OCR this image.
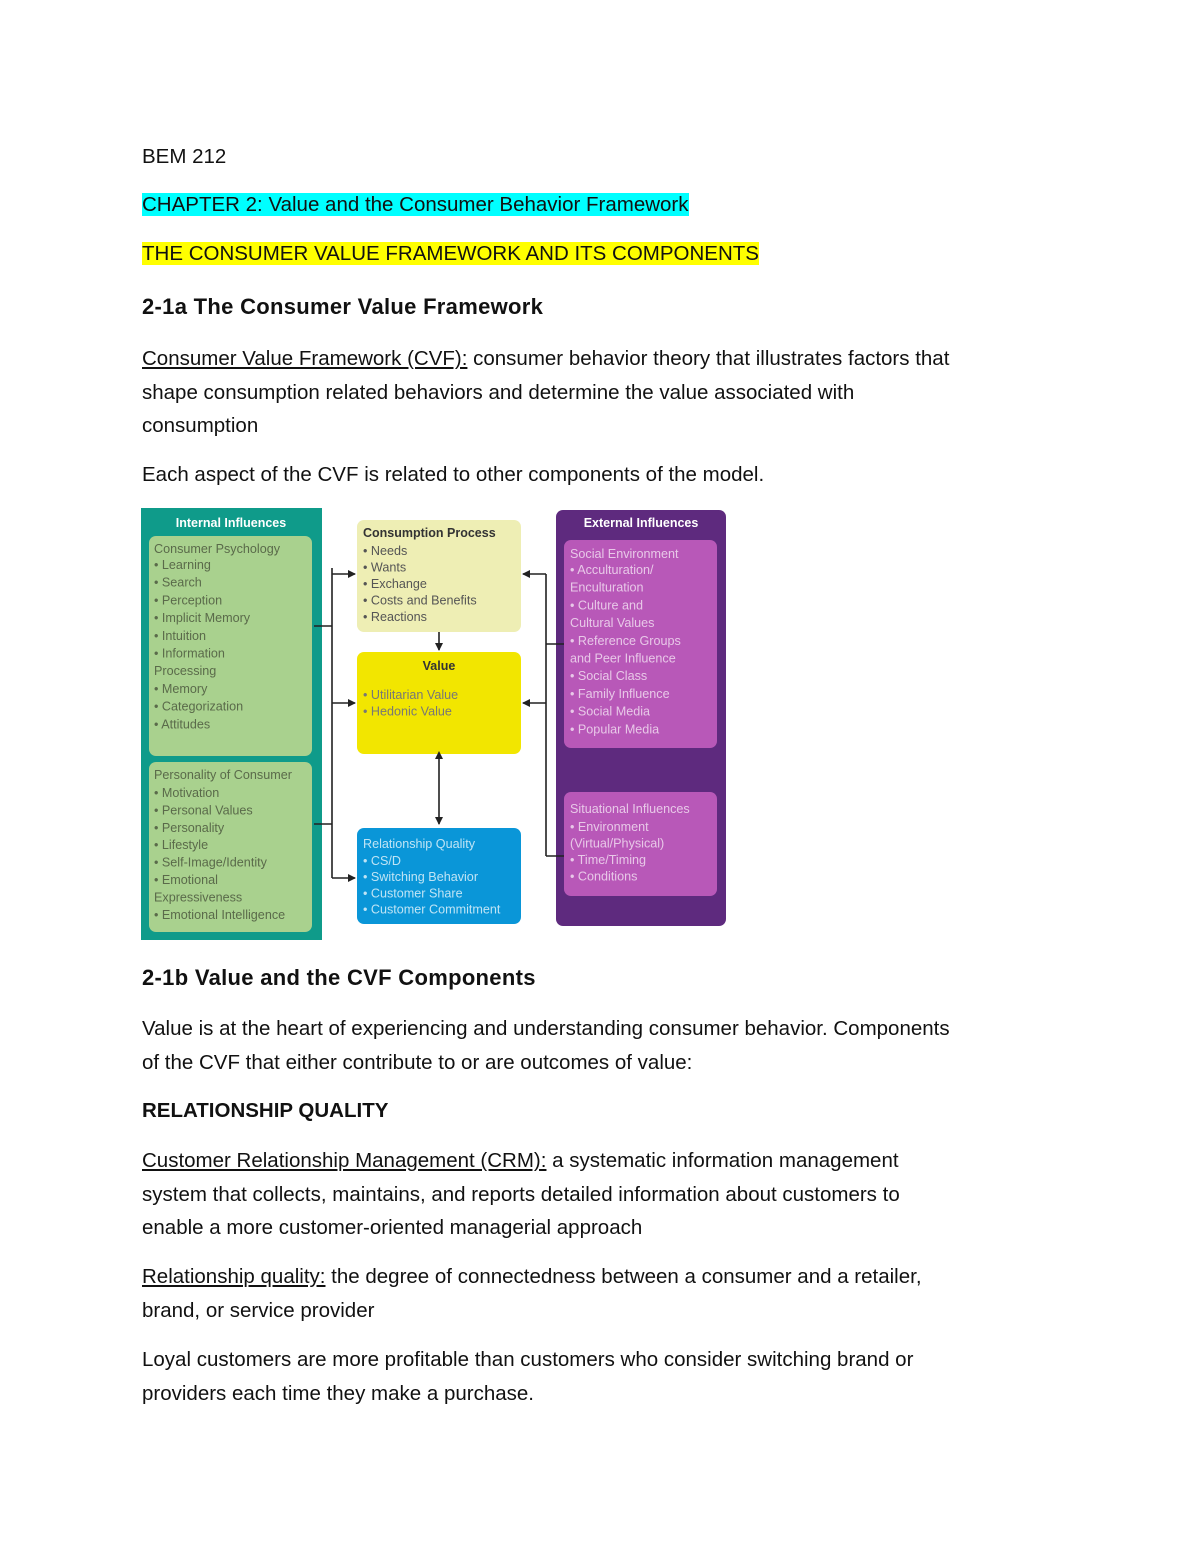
BEM 212
CHAPTER 2: Value and the Consumer Behavior Framework
THE CONSUMER VALUE FRAMEWORK AND ITS COMPONENTS
2-1a The Consumer Value Framework
Consumer Value Framework (CVF): consumer behavior theory that illustrates factors that
shape consumption related behaviors and determine the value associated with
consumption
Each aspect of the CVF is related to other components of the model.
Internal Influences
Consumer Psychology
• Learning
• Search
• Perception
• Implicit Memory
• Intuition
• Information
Processing
• Memory
• Categorization
• Attitudes
Personality of Consumer
• Motivation
• Personal Values
• Personality
• Lifestyle
• Self-Image/Identity
• Emotional
Expressiveness
• Emotional Intelligence
Consumption Process
• Needs
• Wants
• Exchange
• Costs and Benefits
• Reactions
Value
• Utilitarian Value
• Hedonic Value
Relationship Quality
• CS/D
• Switching Behavior
• Customer Share
• Customer Commitment
External Influences
Social Environment
• Acculturation/
Enculturation
• Culture and
Cultural Values
• Reference Groups
and Peer Influence
• Social Class
• Family Influence
• Social Media
• Popular Media
Situational Influences
• Environment
(Virtual/Physical)
• Time/Timing
• Conditions
2-1b Value and the CVF Components
Value is at the heart of experiencing and understanding consumer behavior. Components
of the CVF that either contribute to or are outcomes of value:
RELATIONSHIP QUALITY
Customer Relationship Management (CRM): a systematic information management
system that collects, maintains, and reports detailed information about customers to
enable a more customer-oriented managerial approach
Relationship quality: the degree of connectedness between a consumer and a retailer,
brand, or service provider
Loyal customers are more profitable than customers who consider switching brand or
providers each time they make a purchase.
